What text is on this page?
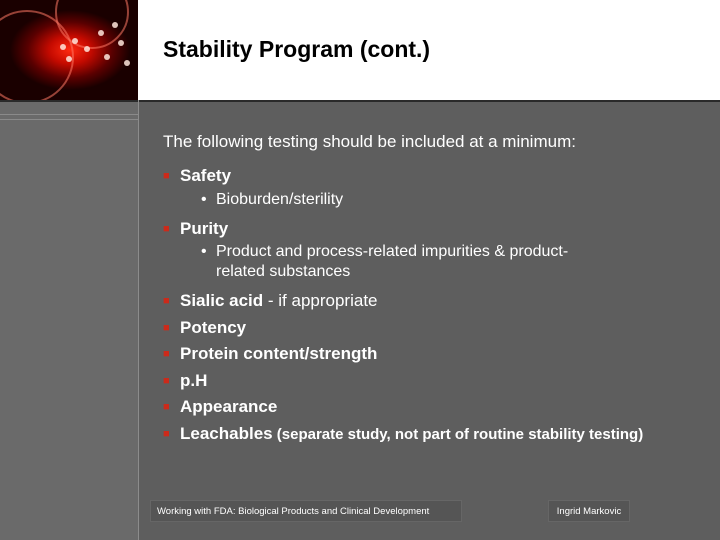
Stability Program (cont.)
The following testing should be included at a minimum:
■ Safety
• Bioburden/sterility
■ Purity
• Product and process-related impurities & product-related substances
■ Sialic acid - if appropriate
■ Potency
■ Protein content/strength
■ p.H
■ Appearance
■ Leachables (separate study, not part of routine stability testing)
Working with FDA: Biological Products and Clinical Development	Ingrid Markovic
